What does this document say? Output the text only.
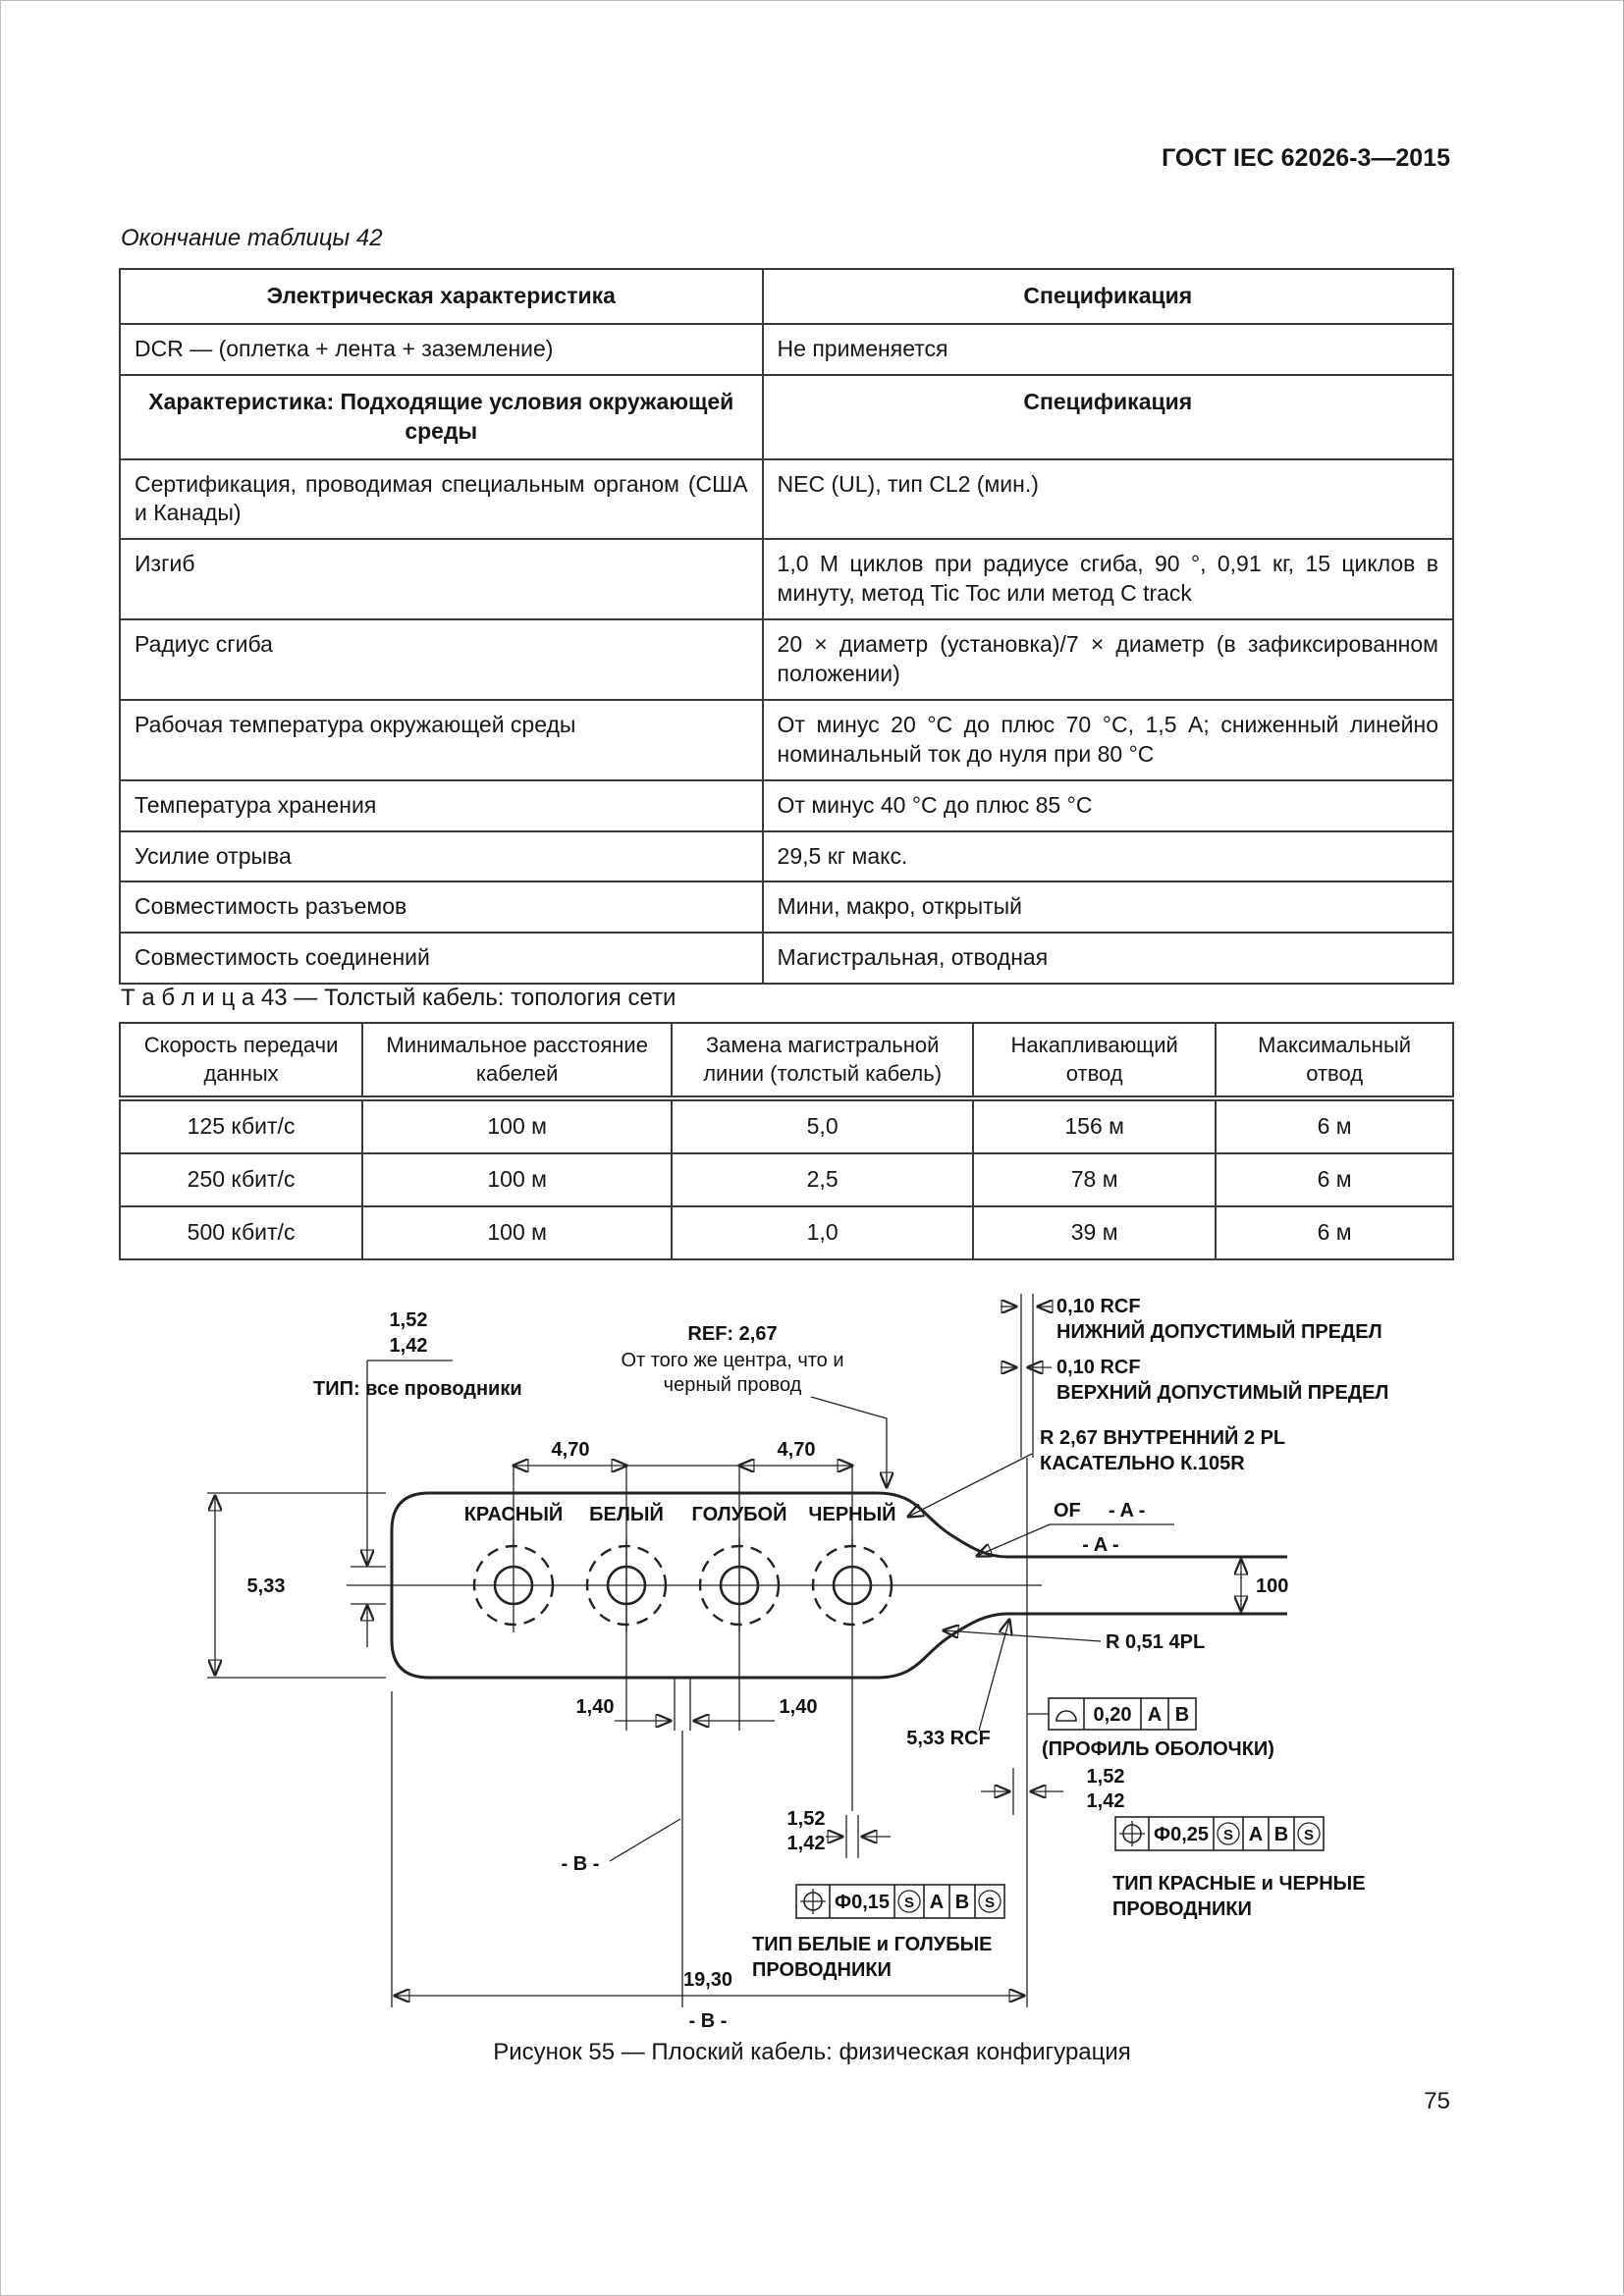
ГОСТ IEC 62026-3—2015
Окончание таблицы 42
Электрическая характеристика	Спецификация
DCR — (оплетка + лента + заземление)	Не применяется
Характеристика: Подходящие условия окружающей среды	Спецификация
Сертификация, проводимая специальным органом (США и Канады)	NEC (UL), тип CL2 (мин.)
Изгиб	1,0 М циклов при радиусе сгиба, 90 °, 0,91 кг, 15 циклов в минуту, метод Tic Toc или метод C track
Радиус сгиба	20 × диаметр (установка)/7 × диаметр (в зафиксированном положении)
Рабочая температура окружающей среды	От минус 20 °С до плюс 70 °С, 1,5 А; сниженный линейно номинальный ток до нуля при 80 °С
Температура хранения	От минус 40 °С до плюс 85 °С
Усилие отрыва	29,5 кг макс.
Совместимость разъемов	Мини, макро, открытый
Совместимость соединений	Магистральная, отводная
Т а б л и ц а 43 — Толстый кабель: топология сети
Скорость передачи данных	Минимальное расстояние кабелей	Замена магистральной линии (толстый кабель)	Накапливающий отвод	Максимальный отвод
125 кбит/с	100 м	5,0	156 м	6 м
250 кбит/с	100 м	2,5	78 м	6 м
500 кбит/с	100 м	1,0	39 м	6 м
1,52
1,42
ТИП: все проводники
REF: 2,67
От того же центра, что и
черный провод
0,10 RCF
НИЖНИЙ ДОПУСТИМЫЙ ПРЕДЕЛ
0,10 RCF
ВЕРХНИЙ ДОПУСТИМЫЙ ПРЕДЕЛ
R 2,67 ВНУТРЕННИЙ 2 PL
КАСАТЕЛЬНО К.105R
4,70	4,70
КРАСНЫЙ БЕЛЫЙ ГОЛУБОЙ ЧЕРНЫЙ
5,33
OF - A -
- A -
100
R 0,51 4PL
1,40	1,40
5,33 RCF
0,20 A B
(ПРОФИЛЬ ОБОЛОЧКИ)
1,52
1,42
Ф0,25 S A B S
ТИП КРАСНЫЕ и ЧЕРНЫЕ
ПРОВОДНИКИ
1,52
1,42
- B -
- B -
Ф0,15 S A B S
ТИП БЕЛЫЕ и ГОЛУБЫЕ
ПРОВОДНИКИ
19,30
Рисунок 55 — Плоский кабель: физическая конфигурация
75
